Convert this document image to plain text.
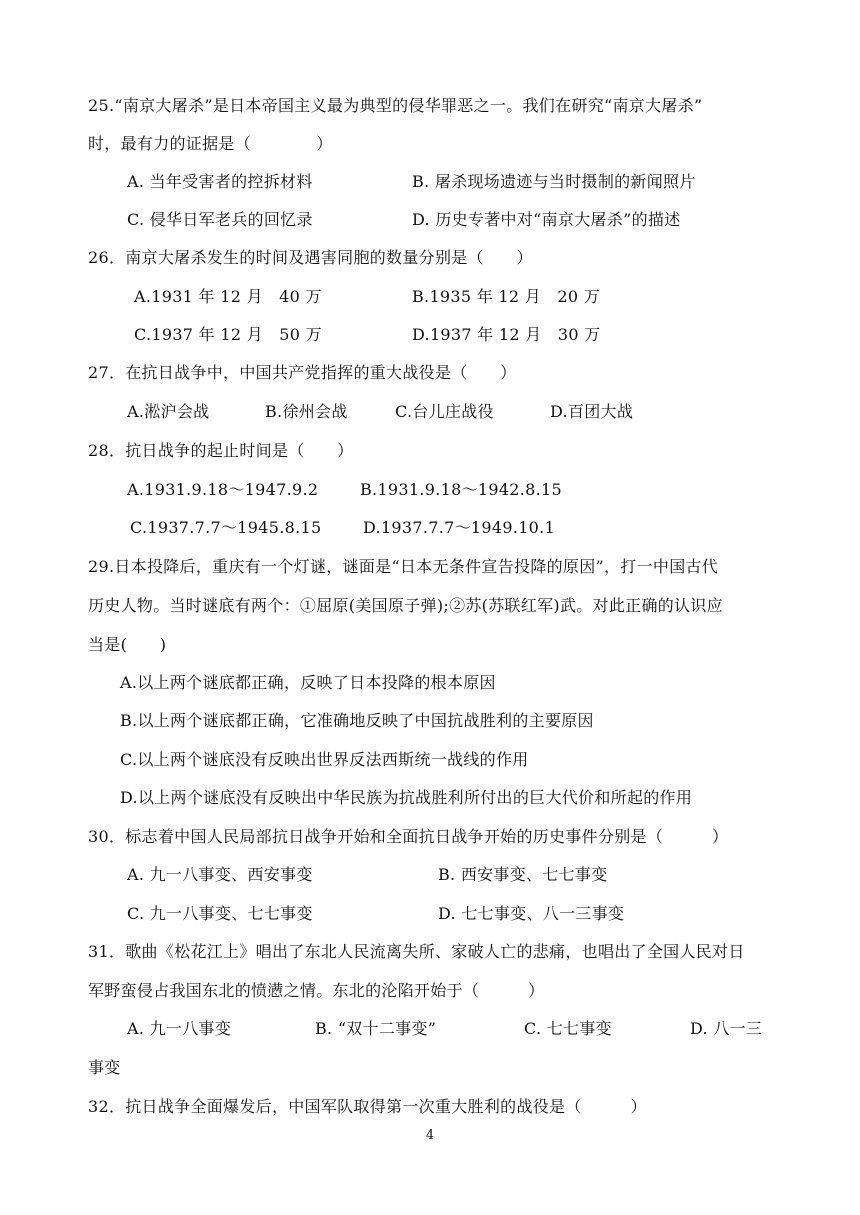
25.“南京大屠杀”是日本帝国主义最为典型的侵华罪恶之一。我们在研究“南京大屠杀”
时，最有力的证据是（　　　　）
A. 当年受害者的控拆材料	B. 屠杀现场遗迹与当时摄制的新闻照片
C. 侵华日军老兵的回忆录	D. 历史专著中对“南京大屠杀”的描述
26．南京大屠杀发生的时间及遇害同胞的数量分别是（　　）
A.1931 年 12 月　40 万	B.1935 年 12 月　20 万
C.1937 年 12 月　50 万	D.1937 年 12 月　30 万
27．在抗日战争中，中国共产党指挥的重大战役是（　　）
A.淞沪会战	B.徐州会战	C.台儿庄战役	D.百团大战
28．抗日战争的起止时间是（　　）
A.1931.9.18～1947.9.2	B.1931.9.18～1942.8.15
C.1937.7.7～1945.8.15	D.1937.7.7～1949.10.1
29.日本投降后，重庆有一个灯谜，谜面是“日本无条件宣告投降的原因”，打一中国古代
历史人物。当时谜底有两个：①屈原(美国原子弹);②苏(苏联红军)武。对此正确的认识应
当是(　　)
A.以上两个谜底都正确，反映了日本投降的根本原因
B.以上两个谜底都正确，它准确地反映了中国抗战胜利的主要原因
C.以上两个谜底没有反映出世界反法西斯统一战线的作用
D.以上两个谜底没有反映出中华民族为抗战胜利所付出的巨大代价和所起的作用
30．标志着中国人民局部抗日战争开始和全面抗日战争开始的历史事件分别是（　　　）
A. 九一八事变、西安事变	B. 西安事变、七七事变
C. 九一八事变、七七事变	D. 七七事变、八一三事变
31．歌曲《松花江上》唱出了东北人民流离失所、家破人亡的悲痛，也唱出了全国人民对日
军野蛮侵占我国东北的愤懑之情。东北的沦陷开始于（　　　）
A. 九一八事变	B. “双十二事变”	C. 七七事变	D. 八一三
事变
32．抗日战争全面爆发后，中国军队取得第一次重大胜利的战役是（　　　）
4
